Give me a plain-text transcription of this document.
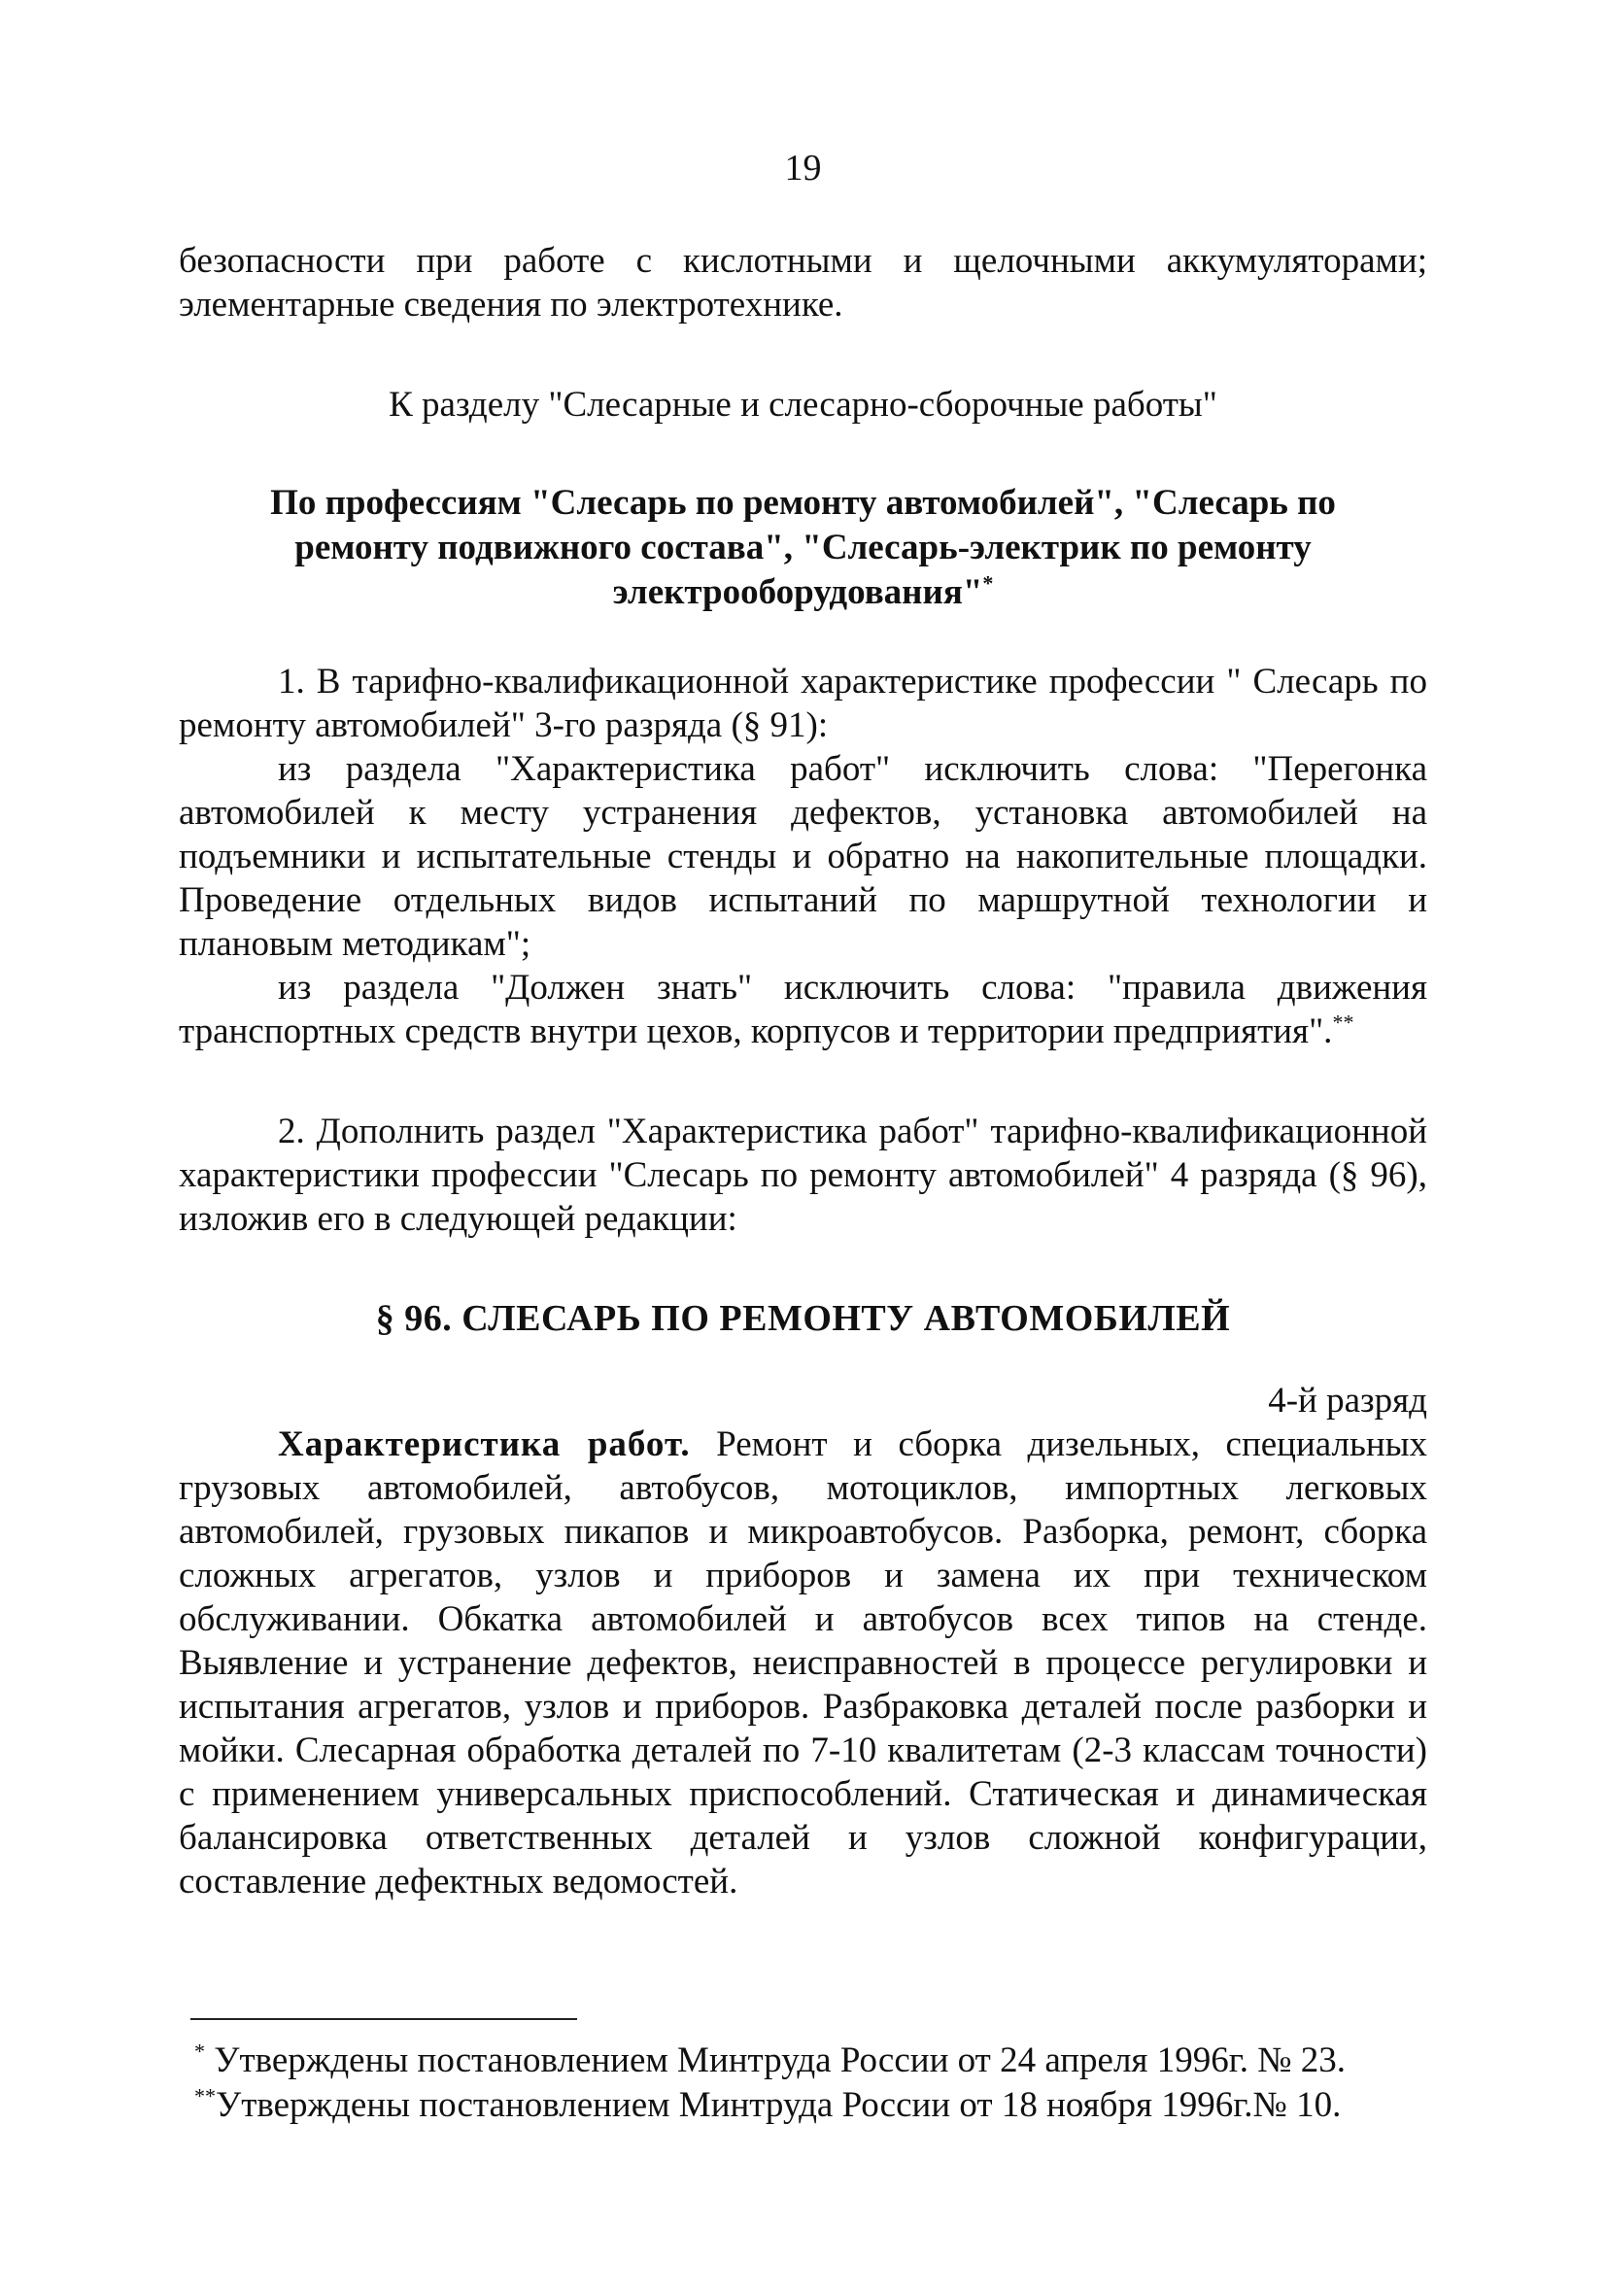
19

безопасности при работе с кислотными и щелочными аккумуляторами; элементарные сведения по электротехнике.

К разделу "Слесарные и слесарно-сборочные работы"

По профессиям "Слесарь по ремонту автомобилей", "Слесарь по ремонту подвижного состава", "Слесарь-электрик по ремонту электрооборудования"*

1. В тарифно-квалификационной характеристике профессии " Слесарь по ремонту автомобилей" 3-го разряда (§ 91):

из раздела "Характеристика работ" исключить слова: "Перегонка автомобилей к месту устранения дефектов, установка автомобилей на подъемники и испытательные стенды и обратно на накопительные площадки. Проведение отдельных видов испытаний по маршрутной технологии и плановым методикам";

из раздела "Должен знать" исключить слова: "правила движения транспортных средств внутри цехов, корпусов и территории предприятия".**

2. Дополнить раздел "Характеристика работ" тарифно-квалификационной характеристики профессии "Слесарь по ремонту автомобилей" 4 разряда (§ 96), изложив его в следующей редакции:

§ 96. СЛЕСАРЬ ПО РЕМОНТУ АВТОМОБИЛЕЙ

4-й разряд

Характеристика работ. Ремонт и сборка дизельных, специальных грузовых автомобилей, автобусов, мотоциклов, импортных легковых автомобилей, грузовых пикапов и микроавтобусов. Разборка, ремонт, сборка сложных агрегатов, узлов и приборов и замена их при техническом обслуживании. Обкатка автомобилей и автобусов всех типов на стенде. Выявление и устранение дефектов, неисправностей в процессе регулировки и испытания агрегатов, узлов и приборов. Разбраковка деталей после разборки и мойки. Слесарная обработка деталей по 7-10 квалитетам (2-3 классам точности) с применением универсальных приспособлений. Статическая и динамическая балансировка ответственных деталей и узлов сложной конфигурации, составление дефектных ведомостей.

* Утверждены постановлением Минтруда России от 24 апреля 1996г. № 23.

**Утверждены постановлением Минтруда России от 18 ноября 1996г.№ 10.
